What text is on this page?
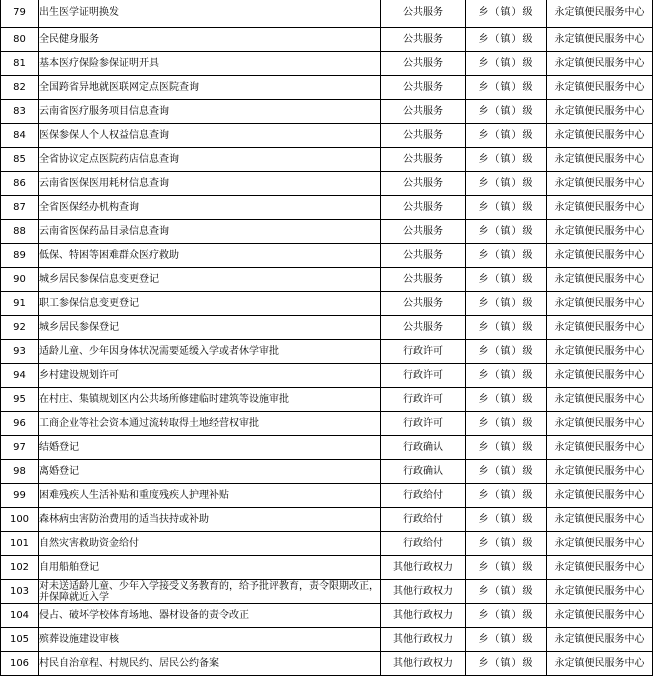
79	出生医学证明换发	公共服务	乡（镇）级	永定镇便民服务中心
80	全民健身服务	公共服务	乡（镇）级	永定镇便民服务中心
81	基本医疗保险参保证明开具	公共服务	乡（镇）级	永定镇便民服务中心
82	全国跨省异地就医联网定点医院查询	公共服务	乡（镇）级	永定镇便民服务中心
83	云南省医疗服务项目信息查询	公共服务	乡（镇）级	永定镇便民服务中心
84	医保参保人个人权益信息查询	公共服务	乡（镇）级	永定镇便民服务中心
85	全省协议定点医院药店信息查询	公共服务	乡（镇）级	永定镇便民服务中心
86	云南省医保医用耗材信息查询	公共服务	乡（镇）级	永定镇便民服务中心
87	全省医保经办机构查询	公共服务	乡（镇）级	永定镇便民服务中心
88	云南省医保药品目录信息查询	公共服务	乡（镇）级	永定镇便民服务中心
89	低保、特困等困难群众医疗救助	公共服务	乡（镇）级	永定镇便民服务中心
90	城乡居民参保信息变更登记	公共服务	乡（镇）级	永定镇便民服务中心
91	职工参保信息变更登记	公共服务	乡（镇）级	永定镇便民服务中心
92	城乡居民参保登记	公共服务	乡（镇）级	永定镇便民服务中心
93	适龄儿童、少年因身体状况需要延缓入学或者休学审批	行政许可	乡（镇）级	永定镇便民服务中心
94	乡村建设规划许可	行政许可	乡（镇）级	永定镇便民服务中心
95	在村庄、集镇规划区内公共场所修建临时建筑等设施审批	行政许可	乡（镇）级	永定镇便民服务中心
96	工商企业等社会资本通过流转取得土地经营权审批	行政许可	乡（镇）级	永定镇便民服务中心
97	结婚登记	行政确认	乡（镇）级	永定镇便民服务中心
98	离婚登记	行政确认	乡（镇）级	永定镇便民服务中心
99	困难残疾人生活补贴和重度残疾人护理补贴	行政给付	乡（镇）级	永定镇便民服务中心
100	森林病虫害防治费用的适当扶持或补助	行政给付	乡（镇）级	永定镇便民服务中心
101	自然灾害救助资金给付	行政给付	乡（镇）级	永定镇便民服务中心
102	自用船舶登记	其他行政权力	乡（镇）级	永定镇便民服务中心
103	对未送适龄儿童、少年入学接受义务教育的，给予批评教育，责令限期改正，并保障就近入学	其他行政权力	乡（镇）级	永定镇便民服务中心
104	侵占、破坏学校体育场地、器材设备的责令改正	其他行政权力	乡（镇）级	永定镇便民服务中心
105	殡葬设施建设审核	其他行政权力	乡（镇）级	永定镇便民服务中心
106	村民自治章程、村规民约、居民公约备案	其他行政权力	乡（镇）级	永定镇便民服务中心
